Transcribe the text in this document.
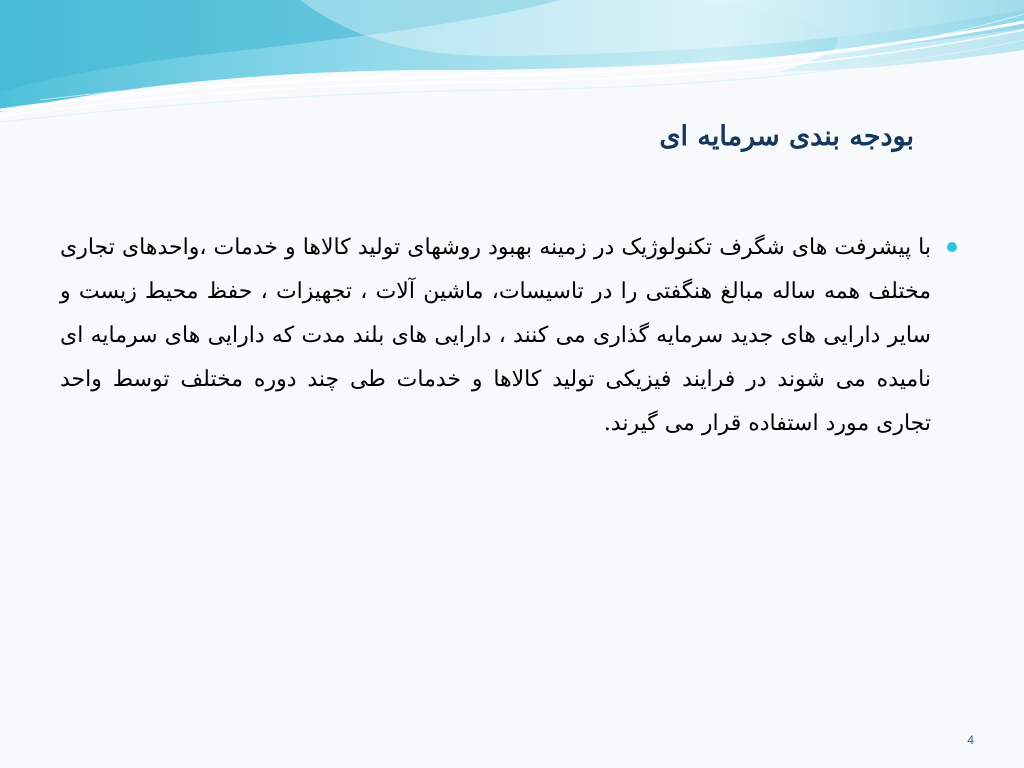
بودجه بندی سرمایه ای
با پیشرفت های شگرف تکنولوژیک در زمینه بهبود روشهای تولید کالاها و خدمات ،واحدهای تجاری مختلف همه ساله مبالغ هنگفتی را در تاسیسات، ماشین آلات ، تجهیزات ، حفظ محیط زیست و سایر دارایی های جدید سرمایه گذاری می کنند ، دارایی های بلند مدت که دارایی های سرمایه ای نامیده می شوند در فرایند فیزیکی تولید کالاها و خدمات طی چند دوره مختلف توسط واحد تجاری مورد استفاده قرار می گیرند.
4
